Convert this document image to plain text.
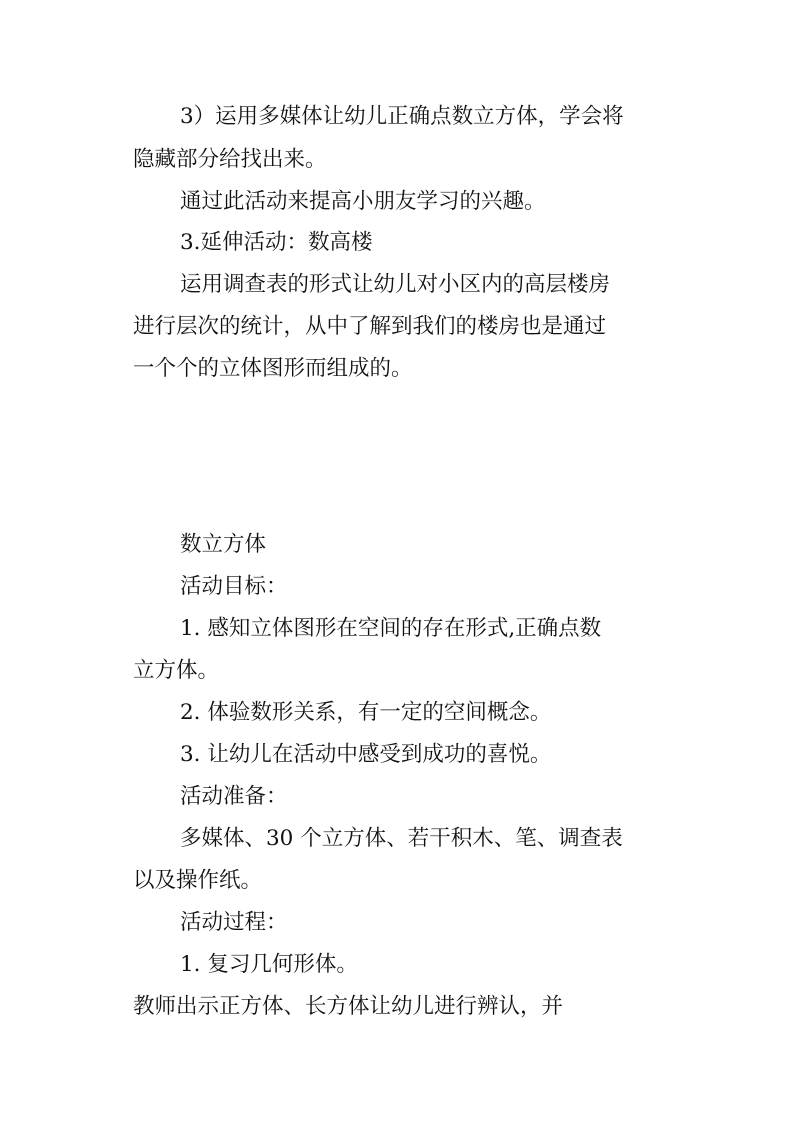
3）运用多媒体让幼儿正确点数立方体，学会将
隐藏部分给找出来。
通过此活动来提高小朋友学习的兴趣。
3.延伸活动：数高楼
运用调查表的形式让幼儿对小区内的高层楼房
进行层次的统计，从中了解到我们的楼房也是通过
一个个的立体图形而组成的。
数立方体
活动目标：
1. 感知立体图形在空间的存在形式,正确点数
立方体。
2. 体验数形关系，有一定的空间概念。
3. 让幼儿在活动中感受到成功的喜悦。
活动准备：
多媒体、30 个立方体、若干积木、笔、调查表
以及操作纸。
活动过程：
1. 复习几何形体。
教师出示正方体、长方体让幼儿进行辨认，并
